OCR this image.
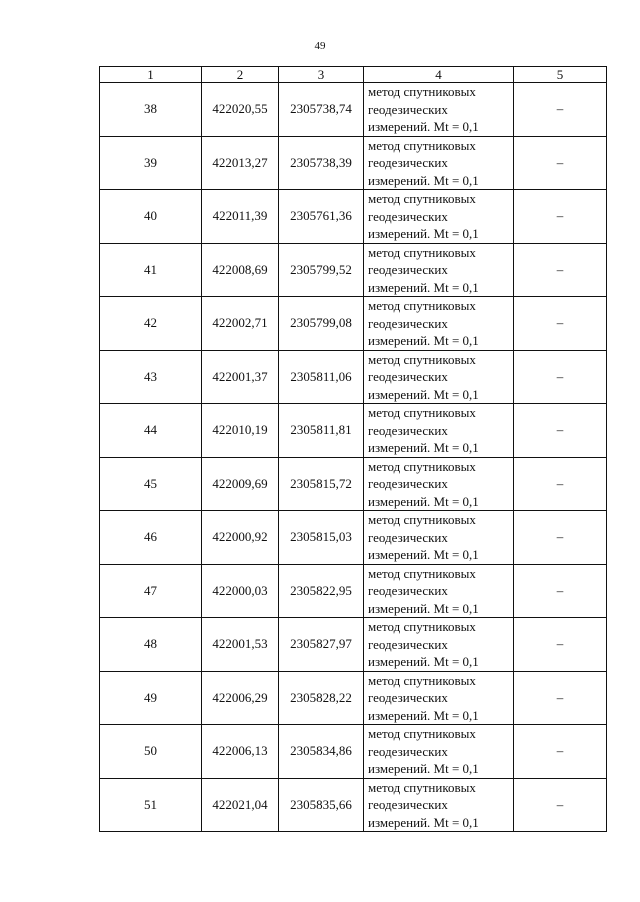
49
1	2	3	4	5
38	422020,55	2305738,74	метод спутниковых
геодезических
измерений. Mt = 0,1	–
39	422013,27	2305738,39	метод спутниковых
геодезических
измерений. Mt = 0,1	–
40	422011,39	2305761,36	метод спутниковых
геодезических
измерений. Mt = 0,1	–
41	422008,69	2305799,52	метод спутниковых
геодезических
измерений. Mt = 0,1	–
42	422002,71	2305799,08	метод спутниковых
геодезических
измерений. Mt = 0,1	–
43	422001,37	2305811,06	метод спутниковых
геодезических
измерений. Mt = 0,1	–
44	422010,19	2305811,81	метод спутниковых
геодезических
измерений. Mt = 0,1	–
45	422009,69	2305815,72	метод спутниковых
геодезических
измерений. Mt = 0,1	–
46	422000,92	2305815,03	метод спутниковых
геодезических
измерений. Mt = 0,1	–
47	422000,03	2305822,95	метод спутниковых
геодезических
измерений. Mt = 0,1	–
48	422001,53	2305827,97	метод спутниковых
геодезических
измерений. Mt = 0,1	–
49	422006,29	2305828,22	метод спутниковых
геодезических
измерений. Mt = 0,1	–
50	422006,13	2305834,86	метод спутниковых
геодезических
измерений. Mt = 0,1	–
51	422021,04	2305835,66	метод спутниковых
геодезических
измерений. Mt = 0,1	–
